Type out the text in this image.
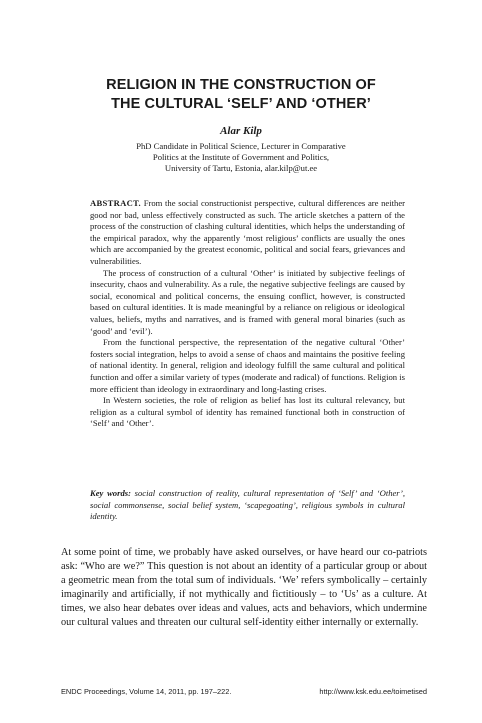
RELIGION IN THE CONSTRUCTION OF
THE CULTURAL ‘SELF’ AND ‘OTHER’
Alar Kilp
PhD Candidate in Political Science, Lecturer in Comparative
Politics at the Institute of Government and Politics,
University of Tartu, Estonia, alar.kilp@ut.ee

ABSTRACT. From the social constructionist perspective, cultural differences are neither good nor bad, unless effectively constructed as such. The article sketches a pattern of the process of the construction of clashing cultural identities, which helps the understanding of the empirical paradox, why the apparently ‘most religious’ conflicts are usually the ones which are accompanied by the greatest economic, political and social fears, grievances and vulnerabilities.

The process of construction of a cultural ‘Other’ is initiated by subjective feelings of insecurity, chaos and vulnerability. As a rule, the negative subjective feelings are caused by social, economical and political concerns, the ensuing conflict, however, is constructed based on cultural identities. It is made meaningful by a reliance on religious or ideological values, beliefs, myths and narratives, and is framed with general moral binaries (such as ‘good’ and ‘evil’).

From the functional perspective, the representation of the negative cultural ‘Other’ fosters social integration, helps to avoid a sense of chaos and maintains the positive feeling of national identity. In general, religion and ideology fulfill the same cultural and political function and offer a similar variety of types (moderate and radical) of functions. Religion is more efficient than ideology in extraordinary and long-lasting crises.

In Western societies, the role of religion as belief has lost its cultural relevancy, but religion as a cultural symbol of identity has remained functional both in construction of ‘Self’ and ‘Other’.

Key words: social construction of reality, cultural representation of ‘Self’ and ‘Other’, social commonsense, social belief system, ‘scapegoating’, religious symbols in cultural identity.

At some point of time, we probably have asked ourselves, or have heard our co-patriots ask: “Who are we?” This question is not about an identity of a particular group or about a geometric mean from the total sum of individuals. ‘We’ refers symbolically – certainly imaginarily and artificially, if not mythically and fictitiously – to ‘Us’ as a culture. At times, we also hear debates over ideas and values, acts and behaviors, which undermine our cultural values and threaten our cultural self-identity either internally or externally.

ENDC Proceedings, Volume 14, 2011, pp. 197–222.	http://www.ksk.edu.ee/toimetised
